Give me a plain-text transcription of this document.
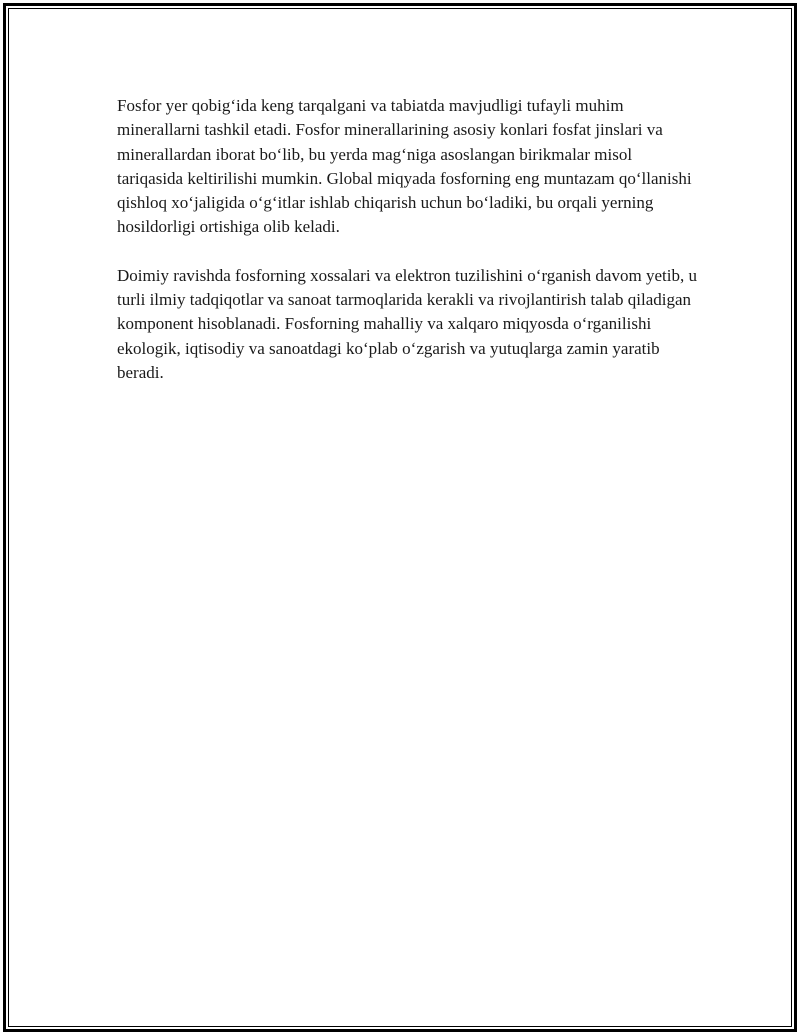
Fosfor yer qobig‘ida keng tarqalgani va tabiatda mavjudligi tufayli muhim minerallarni tashkil etadi. Fosfor minerallarining asosiy konlari fosfat jinslari va minerallardan iborat bo‘lib, bu yerda mag‘niga asoslangan birikmalar misol tariqasida keltirilishi mumkin. Global miqyada fosforning eng muntazam qo‘llanishi qishloq xo‘jaligida o‘g‘itlar ishlab chiqarish uchun bo‘ladiki, bu orqali yerning hosildorligi ortishiga olib keladi.

Doimiy ravishda fosforning xossalari va elektron tuzilishini o‘rganish davom yetib, u turli ilmiy tadqiqotlar va sanoat tarmoqlarida kerakli va rivojlantirish talab qiladigan komponent hisoblanadi. Fosforning mahalliy va xalqaro miqyosda o‘rganilishi ekologik, iqtisodiy va sanoatdagi ko‘plab o‘zgarish va yutuqlarga zamin yaratib beradi.
